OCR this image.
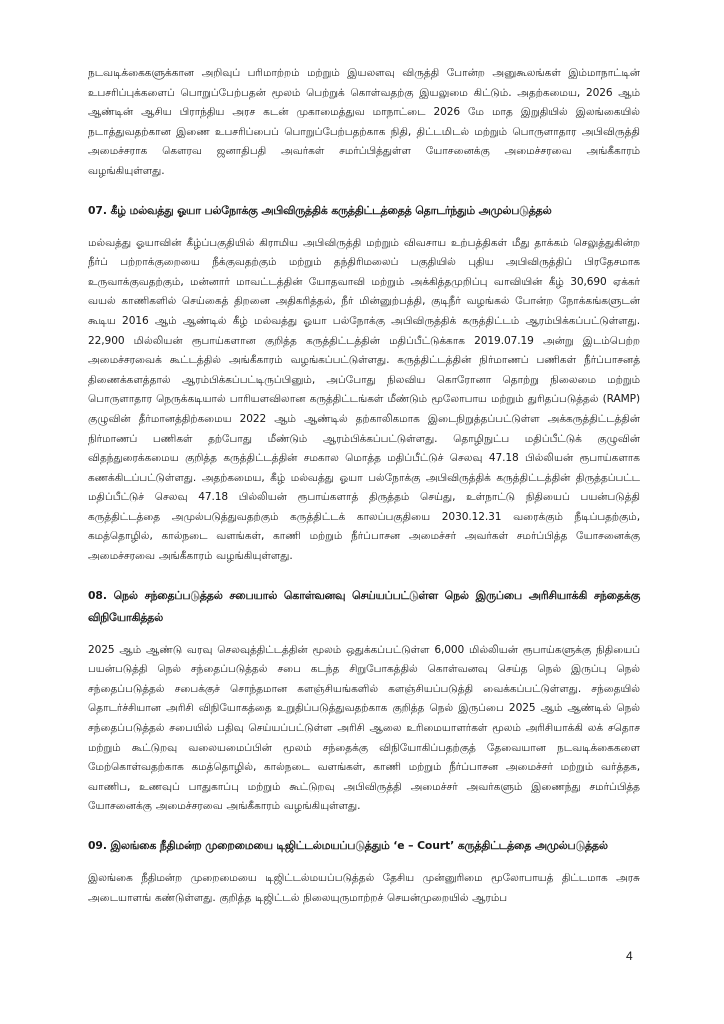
நடவடிக்கைகளுக்கான அறிவுப் பரிமாற்றம் மற்றும் இயலளவு விருத்தி போன்ற அனுகூலங்கள் இம்மாநாட்டின் உபசரிப்புக்களைப் பொறுப்பேற்பதன் மூலம் பெற்றுக் கொள்வதற்கு இயலுமை கிட்டும். அதற்கமைய, 2026 ஆம் ஆண்டின் ஆசிய பிராந்திய அரச கடன் முகாமைத்துவ மாநாட்டை 2026 மே மாத இறுதியில் இலங்கையில் நடாத்துவதற்கான இணை உபசரிப்பைப் பொறுப்பேற்பதற்காக நிதி, திட்டமிடல் மற்றும் பொருளாதார அபிவிருத்தி அமைச்சராக கௌரவ ஜனாதிபதி அவர்கள் சமர்ப்பித்துள்ள யோசனைக்கு அமைச்சரவை அங்கீகாரம் வழங்கியுள்ளது.

07. கீழ் மல்வத்து ஓயா பல்நோக்கு அபிவிருத்திக் கருத்திட்டத்தைத் தொடர்ந்தும் அமுல்படுத்தல்

மல்வத்து ஓயாவின் கீழ்ப்பகுதியில் கிராமிய அபிவிருத்தி மற்றும் விவசாய உற்பத்திகள் மீது தாக்கம் செலுத்துகின்ற நீர்ப் பற்றாக்குறையை நீக்குவதற்கும் மற்றும் தந்திரிமலைப் பகுதியில் புதிய அபிவிருத்திப் பிரதேசமாக உருவாக்குவதற்கும், மன்னார் மாவட்டத்தின் யோதவாவி மற்றும் அக்கித்தமுறிப்பு வாவியின் கீழ் 30,690 ஏக்கர் வயல் காணிகளில் செய்கைத் திறனை அதிகரித்தல், நீர் மின்னுற்பத்தி, குடிநீர் வழங்கல் போன்ற நோக்கங்களுடன் கூடிய 2016 ஆம் ஆண்டில் கீழ் மல்வத்து ஓயா பல்நோக்கு அபிவிருத்திக் கருத்திட்டம் ஆரம்பிக்கப்பட்டுள்ளது. 22,900 மில்லியன் ரூபாய்களான குறித்த கருத்திட்டத்தின் மதிப்பீட்டுக்காக 2019.07.19 அன்று இடம்பெற்ற அமைச்சரவைக் கூட்டத்தில் அங்கீகாரம் வழங்கப்பட்டுள்ளது. கருத்திட்டத்தின் நிர்மாணப் பணிகள் நீர்ப்பாசனத் திணைக்களத்தால் ஆரம்பிக்கப்பட்டிருப்பினும், அப்போது நிலவிய கொரோனா தொற்று நிலைமை மற்றும் பொருளாதார நெருக்கடியால் பாரியளவிலான கருத்திட்டங்கள் மீண்டும் மூலோபாய மற்றும் துரிதப்படுத்தல் (RAMP) குழுவின் தீர்மானத்திற்கமைய 2022 ஆம் ஆண்டில் தற்காலிகமாக இடைநிறுத்தப்பட்டுள்ள அக்கருத்திட்டத்தின் நிர்மாணப் பணிகள் தற்போது மீண்டும் ஆரம்பிக்கப்பட்டுள்ளது. தொழிநுட்ப மதிப்பீட்டுக் குழுவின் விதந்துரைக்கமைய குறித்த கருத்திட்டத்தின் சமகால மொத்த மதிப்பீட்டுச் செலவு 47.18 பில்லியன் ரூபாய்களாக கணக்கிடப்பட்டுள்ளது. அதற்கமைய, கீழ் மல்வத்து ஓயா பல்நோக்கு அபிவிருத்திக் கருத்திட்டத்தின் திருத்தப்பட்ட மதிப்பீட்டுச் செலவு 47.18 பில்லியன் ரூபாய்களாத் திருத்தம் செய்து, உள்நாட்டு நிதியைப் பயன்படுத்தி கருத்திட்டத்தை அமுல்படுத்துவதற்கும் கருத்திட்டக் காலப்பகுதியை 2030.12.31 வரைக்கும் நீடிப்பதற்கும், கமத்தொழில், கால்நடை வளங்கள், காணி மற்றும் நீர்ப்பாசன அமைச்சர் அவர்கள் சமர்ப்பித்த யோசனைக்கு அமைச்சரவை அங்கீகாரம் வழங்கியுள்ளது.

08. நெல் சந்தைப்படுத்தல் சபையால் கொள்வனவு செய்யப்பட்டுள்ள நெல் இருப்பை அரிசியாக்கி சந்தைக்கு விநியோகித்தல்

2025 ஆம் ஆண்டு வரவு செலவுத்திட்டத்தின் மூலம் ஒதுக்கப்பட்டுள்ள 6,000 மில்லியன் ரூபாய்களுக்கு நிதியைப் பயன்படுத்தி நெல் சந்தைப்படுத்தல் சபை கடந்த சிறுபோகத்தில் கொள்வனவு செய்த நெல் இருப்பு நெல் சந்தைப்படுத்தல் சபைக்குச் சொந்தமான களஞ்சியங்களில் களஞ்சியப்படுத்தி வைக்கப்பட்டுள்ளது. சந்தையில் தொடர்ச்சியான அரிசி விநியோகத்தை உறுதிப்படுத்துவதற்காக குறித்த நெல் இருப்பை 2025 ஆம் ஆண்டில் நெல் சந்தைப்படுத்தல் சபையில் பதிவு செய்யப்பட்டுள்ள அரிசி ஆலை உரிமையாளர்கள் மூலம் அரிசியாக்கி லக் சதொச மற்றும் கூட்டுறவு வலையமைப்பின் மூலம் சந்தைக்கு விநியோகிப்பதற்குத் தேவையான நடவடிக்கைகளை மேற்கொள்வதற்காக கமத்தொழில், கால்நடை வளங்கள், காணி மற்றும் நீர்ப்பாசன அமைச்சர் மற்றும் வர்த்தக, வாணிப, உணவுப் பாதுகாப்பு மற்றும் கூட்டுறவு அபிவிருத்தி அமைச்சர் அவர்களும் இணைந்து சமர்ப்பித்த யோசனைக்கு அமைச்சரவை அங்கீகாரம் வழங்கியுள்ளது.

09. இலங்கை நீதிமன்ற முறைமையை டிஜிட்டல்மயப்படுத்தும் ‘e – Court’ கருத்திட்டத்தை அமுல்படுத்தல்

இலங்கை நீதிமன்ற முறைமையை டிஜிட்டல்மயப்படுத்தல் தேசிய முன்னுரிமை மூலோபாயத் திட்டமாக அரசு அடையாளங் கண்டுள்ளது. குறித்த டிஜிட்டல் நிலையுருமாற்றச் செயன்முறையில் ஆரம்ப

4
